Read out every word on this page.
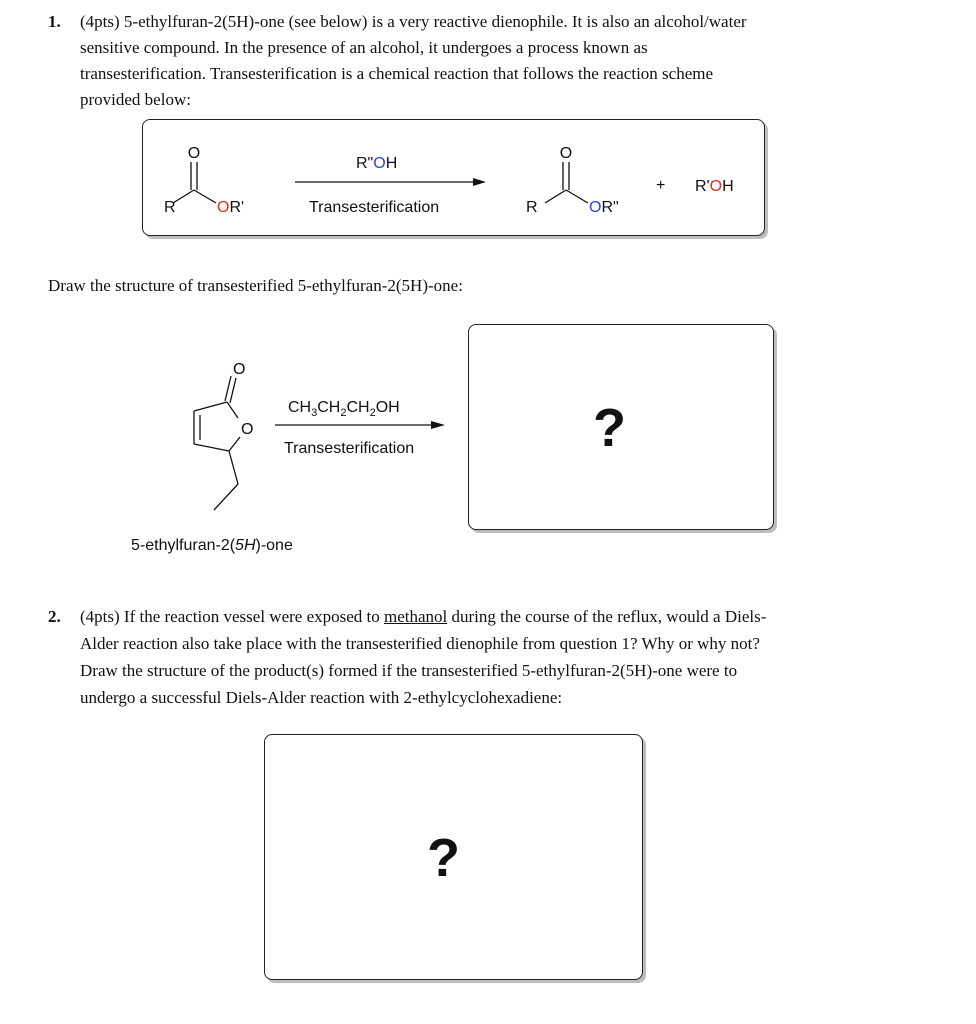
1. (4pts) 5-ethylfuran-2(5H)-one (see below) is a very reactive dienophile. It is also an alcohol/water
sensitive compound. In the presence of an alcohol, it undergoes a process known as
transesterification. Transesterification is a chemical reaction that follows the reaction scheme
provided below:
O
R	OR'
R"OH
Transesterification
O
R	OR"
+ R'OH
Draw the structure of transesterified 5-ethylfuran-2(5H)-one:
O
O
$CH_3CH_2CH_2OH$
Transesterification
5-ethylfuran-2(5H)-one
?
2. (4pts) If the reaction vessel were exposed to methanol during the course of the reflux, would a Diels-
Alder reaction also take place with the transesterified dienophile from question 1? Why or why not?
Draw the structure of the product(s) formed if the transesterified 5-ethylfuran-2(5H)-one were to
undergo a successful Diels-Alder reaction with 2-ethylcyclohexadiene:
?
